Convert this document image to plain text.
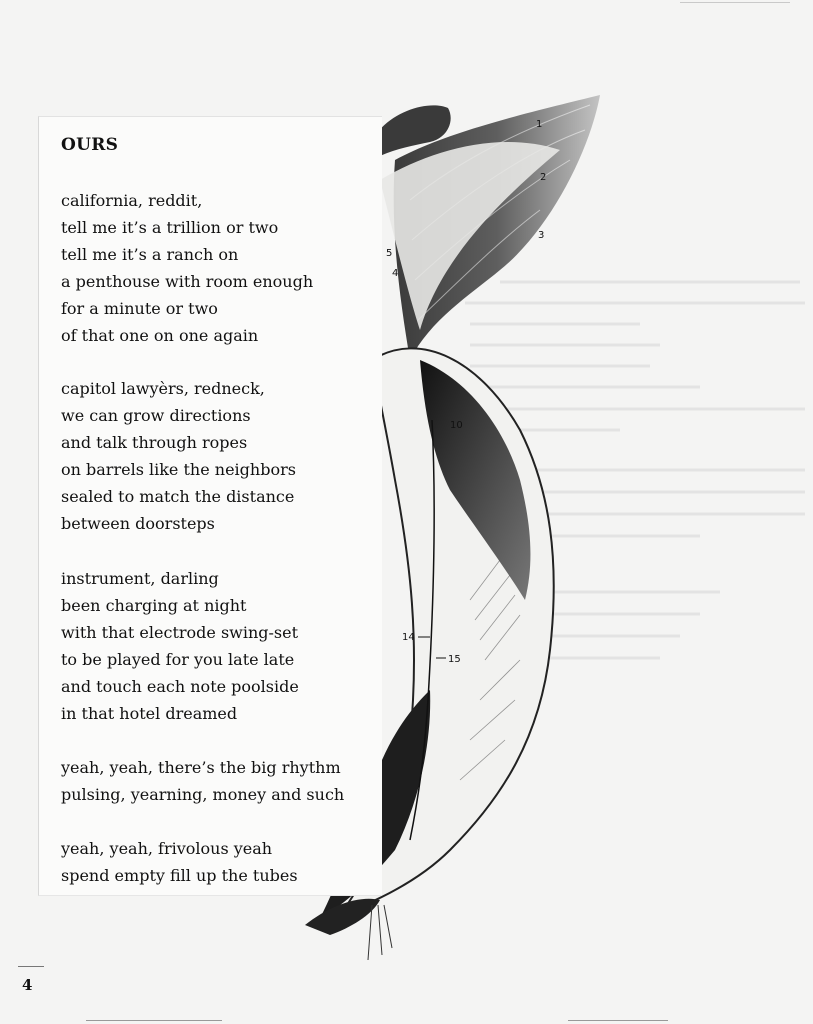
1
2
3
5
4
10
14
15
OURS
california, reddit,
tell me it’s a trillion or two
tell me it’s a ranch on
a penthouse with room enough
for a minute or two
of that one on one again
capitol lawyèrs, redneck,
we can grow directions
and talk through ropes
on barrels like the neighbors
sealed to match the distance
between doorsteps
instrument, darling
been charging at night
with that electrode swing-set
to be played for you late late
and touch each note poolside
in that hotel dreamed
yeah, yeah, there’s the big rhythm
pulsing, yearning, money and such
yeah, yeah, frivolous yeah
spend empty fill up the tubes
4
